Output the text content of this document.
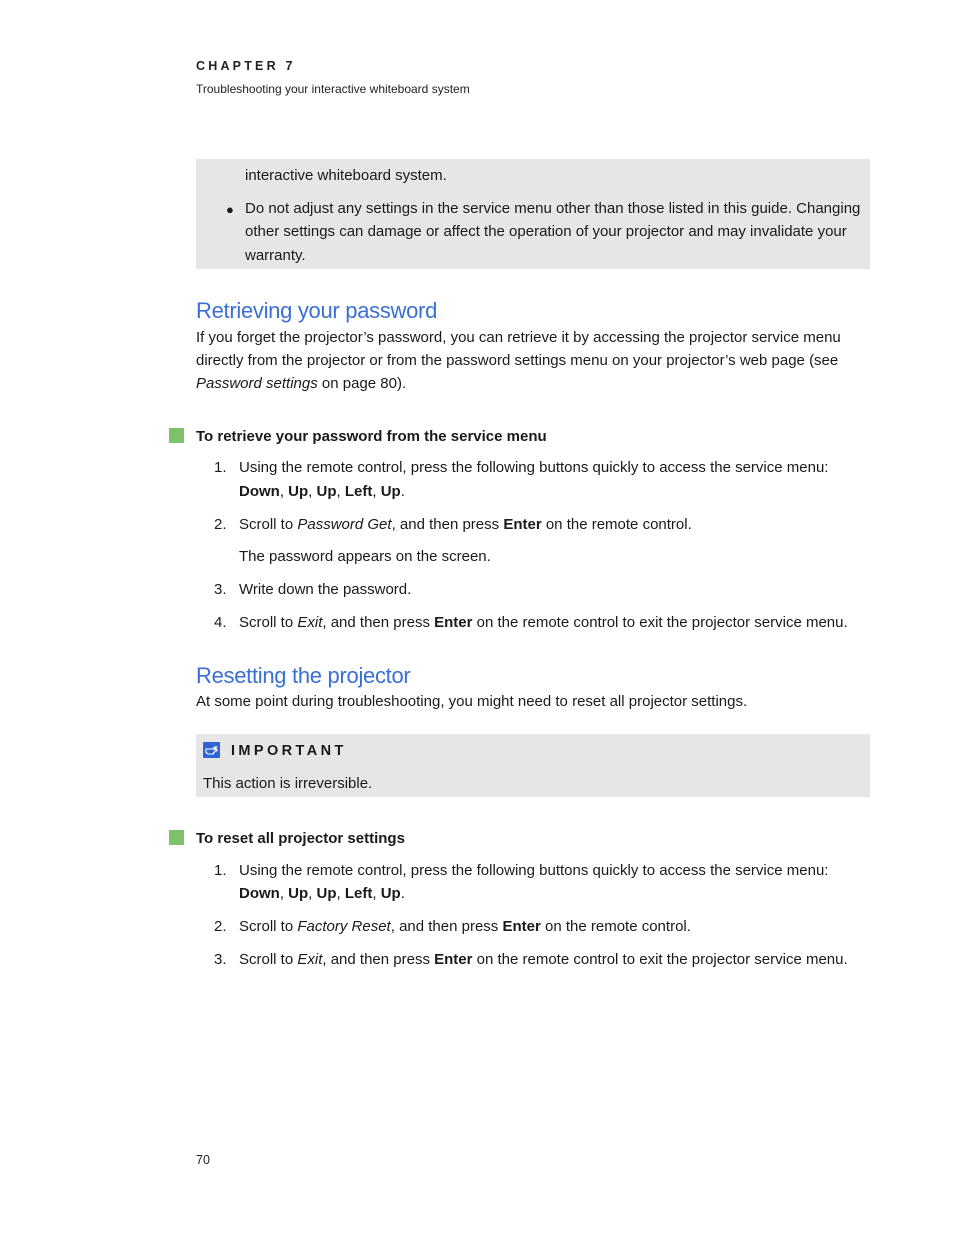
CHAPTER 7
Troubleshooting your interactive whiteboard system
interactive whiteboard system.
● Do not adjust any settings in the service menu other than those listed in this guide. Changing
other settings can damage or affect the operation of your projector and may invalidate your
warranty.
Retrieving your password
If you forget the projector’s password, you can retrieve it by accessing the projector service menu
directly from the projector or from the password settings menu on your projector’s web page (see
Password settings on page 80).
To retrieve your password from the service menu
1. Using the remote control, press the following buttons quickly to access the service menu:
Down, Up, Up, Left, Up.
2. Scroll to Password Get, and then press Enter on the remote control.
The password appears on the screen.
3. Write down the password.
4. Scroll to Exit, and then press Enter on the remote control to exit the projector service menu.
Resetting the projector
At some point during troubleshooting, you might need to reset all projector settings.
IMPORTANT
This action is irreversible.
To reset all projector settings
1. Using the remote control, press the following buttons quickly to access the service menu:
Down, Up, Up, Left, Up.
2. Scroll to Factory Reset, and then press Enter on the remote control.
3. Scroll to Exit, and then press Enter on the remote control to exit the projector service menu.
70
